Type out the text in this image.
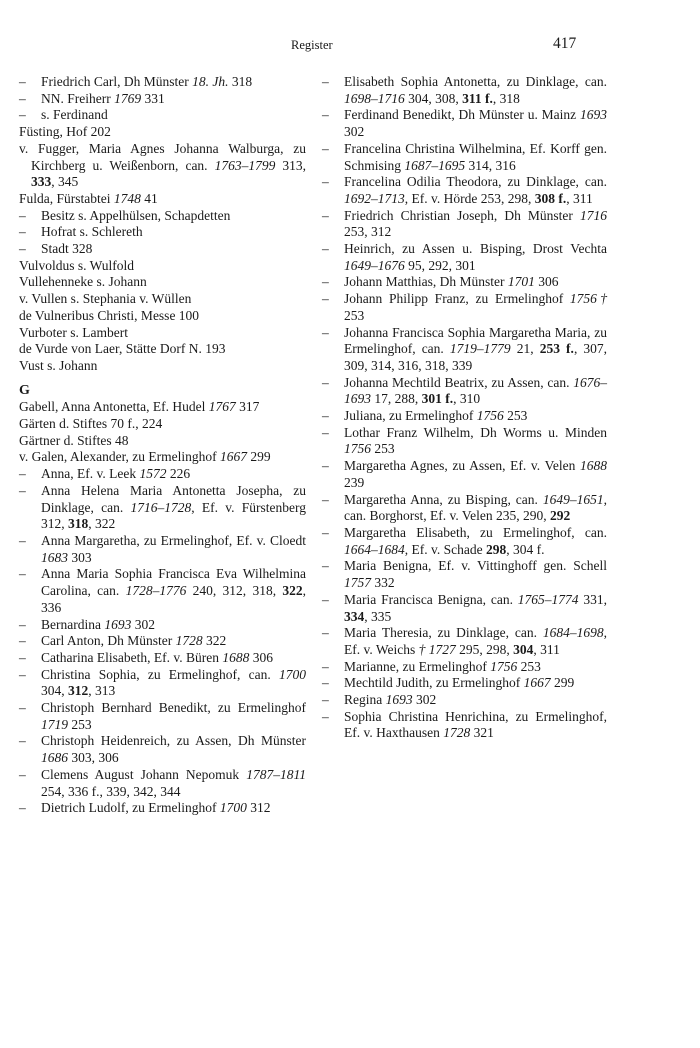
Register	417
– Friedrich Carl, Dh Münster 18. Jh. 318
– NN. Freiherr 1769 331
– s. Ferdinand
Füsting, Hof 202
v. Fugger, Maria Agnes Johanna Walburga, zu Kirchberg u. Weißenborn, can. 1763–1799 313, 333, 345
Fulda, Fürstabtei 1748 41
– Besitz s. Appelhülsen, Schapdetten
– Hofrat s. Schlereth
– Stadt 328
Vulvoldus s. Wulfold
Vullehenneke s. Johann
v. Vullen s. Stephania v. Wüllen
de Vulneribus Christi, Messe 100
Vurboter s. Lambert
de Vurde von Laer, Stätte Dorf N. 193
Vust s. Johann
G
Gabell, Anna Antonetta, Ef. Hudel 1767 317
Gärten d. Stiftes 70 f., 224
Gärtner d. Stiftes 48
v. Galen, Alexander, zu Ermelinghof 1667 299
– Anna, Ef. v. Leek 1572 226
– Anna Helena Maria Antonetta Josepha, zu Dinklage, can. 1716–1728, Ef. v. Fürstenberg 312, 318, 322
– Anna Margaretha, zu Ermelinghof, Ef. v. Cloedt 1683 303
– Anna Maria Sophia Francisca Eva Wilhelmina Carolina, can. 1728–1776 240, 312, 318, 322, 336
– Bernardina 1693 302
– Carl Anton, Dh Münster 1728 322
– Catharina Elisabeth, Ef. v. Büren 1688 306
– Christina Sophia, zu Ermelinghof, can. 1700 304, 312, 313
– Christoph Bernhard Benedikt, zu Ermelinghof 1719 253
– Christoph Heidenreich, zu Assen, Dh Münster 1686 303, 306
– Clemens August Johann Nepomuk 1787–1811 254, 336 f., 339, 342, 344
– Dietrich Ludolf, zu Ermelinghof 1700 312
– Elisabeth Sophia Antonetta, zu Dinklage, can. 1698–1716 304, 308, 311 f., 318
– Ferdinand Benedikt, Dh Münster u. Mainz 1693 302
– Francelina Christina Wilhelmina, Ef. Korff gen. Schmising 1687–1695 314, 316
– Francelina Odilia Theodora, zu Dinklage, can. 1692–1713, Ef. v. Hörde 253, 298, 308 f., 311
– Friedrich Christian Joseph, Dh Münster 1716 253, 312
– Heinrich, zu Assen u. Bisping, Drost Vechta 1649–1676 95, 292, 301
– Johann Matthias, Dh Münster 1701 306
– Johann Philipp Franz, zu Ermelinghof 1756† 253
– Johanna Francisca Sophia Margaretha Maria, zu Ermelinghof, can. 1719–1779 21, 253 f., 307, 309, 314, 316, 318, 339
– Johanna Mechtild Beatrix, zu Assen, can. 1676–1693 17, 288, 301 f., 310
– Juliana, zu Ermelinghof 1756 253
– Lothar Franz Wilhelm, Dh Worms u. Minden 1756 253
– Margaretha Agnes, zu Assen, Ef. v. Velen 1688 239
– Margaretha Anna, zu Bisping, can. 1649–1651, can. Borghorst, Ef. v. Velen 235, 290, 292
– Margaretha Elisabeth, zu Ermelinghof, can. 1664–1684, Ef. v. Schade 298, 304 f.
– Maria Benigna, Ef. v. Vittinghoff gen. Schell 1757 332
– Maria Francisca Benigna, can. 1765–1774 331, 334, 335
– Maria Theresia, zu Dinklage, can. 1684–1698, Ef. v. Weichs † 1727 295, 298, 304, 311
– Marianne, zu Ermelinghof 1756 253
– Mechtild Judith, zu Ermelinghof 1667 299
– Regina 1693 302
– Sophia Christina Henrichina, zu Ermelinghof, Ef. v. Haxthausen 1728 321
